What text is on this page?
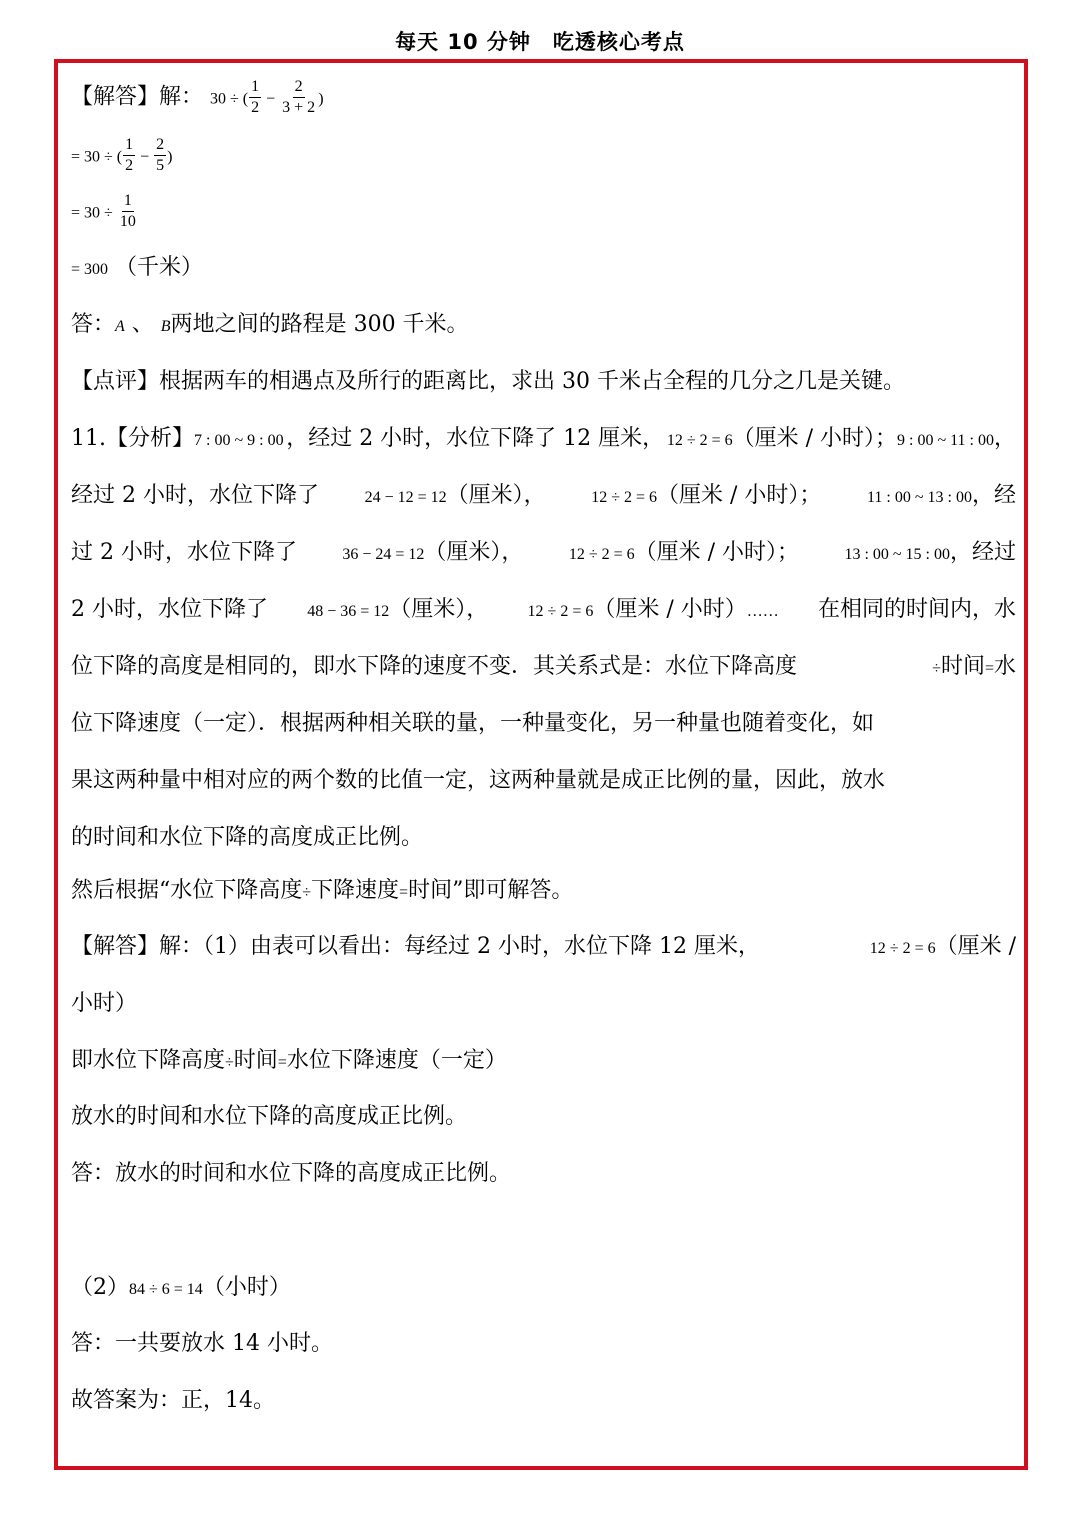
每天 10 分钟　吃透核心考点
【解答】解： 30 ÷ ( $\frac{1}{2} - \frac{2}{3 + 2}$ )
= 30 ÷ ( $\frac{1}{2} - \frac{2}{5}$ )
= $30 \div \frac{1}{10}$
= 300 （千米）
答：A 、 B两地之间的路程是 300 千米。
【点评】根据两车的相遇点及所行的距离比，求出 30 千米占全程的几分之几是关键。
11.【分析】7 : 00 ~ 9 : 00 ，经过 2 小时，水位下降了 12 厘米， 12 ÷ 2 = 6（厘米 / 小时）；9 : 00 ~ 11 : 00，
经过 2 小时，水位下降了	24 − 12 = 12（厘米），	12 ÷ 2 = 6（厘米 / 小时）；	11 : 00 ~ 13 : 00，经
过 2 小时，水位下降了	36 − 24 = 12（厘米），	12 ÷ 2 = 6（厘米 / 小时）；	13 : 00 ~ 15 : 00，经过
2 小时，水位下降了 48 − 36 = 12（厘米）， 12 ÷ 2 = 6（厘米 / 小时）…… 在相同的时间内，水
位下降的高度是相同的，即水下降的速度不变．其关系式是：水位下降高度	÷时间=水
位下降速度（一定）．根据两种相关联的量，一种量变化，另一种量也随着变化，如
果这两种量中相对应的两个数的比值一定，这两种量就是成正比例的量，因此，放水
的时间和水位下降的高度成正比例。
然后根据“水位下降高度÷下降速度=时间”即可解答。
【解答】解：（1）由表可以看出：每经过 2 小时，水位下降 12 厘米，	12 ÷ 2 = 6（厘米 /
小时）
即水位下降高度÷时间=水位下降速度（一定）
放水的时间和水位下降的高度成正比例。
答：放水的时间和水位下降的高度成正比例。
（2）84 ÷ 6 = 14（小时）
答：一共要放水 14 小时。
故答案为：正，14。
